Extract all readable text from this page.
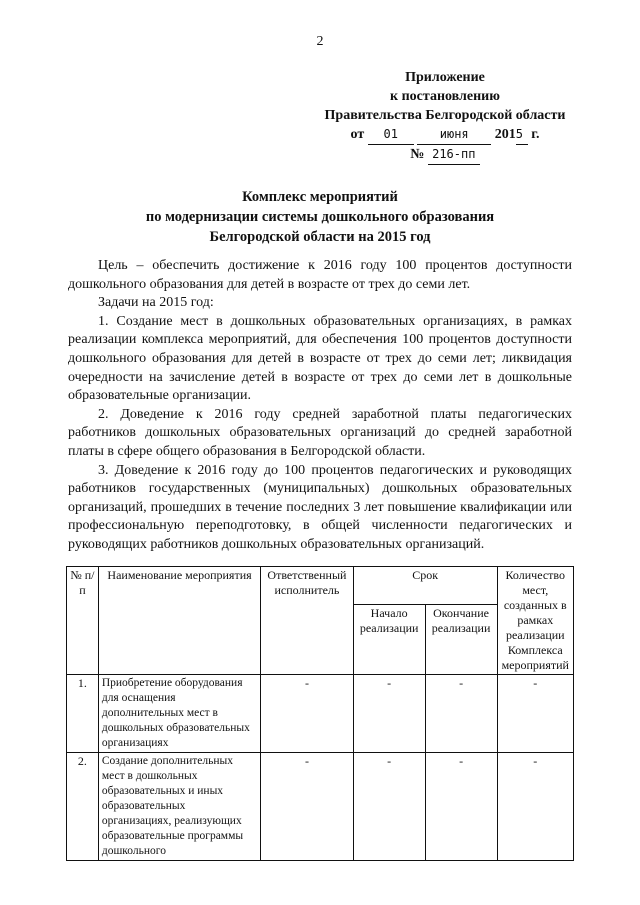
2
Приложение
к постановлению
Правительства Белгородской области
от 01	июня 2015 г.
№ 216-пп
Комплекс мероприятий
по модернизации системы дошкольного образования
Белгородской области на 2015 год

Цель – обеспечить достижение к 2016 году 100 процентов доступности дошкольного образования для детей в возрасте от трех до семи лет.

Задачи на 2015 год:

1. Создание мест в дошкольных образовательных организациях, в рамках реализации комплекса мероприятий, для обеспечения 100 процентов доступности дошкольного образования для детей в возрасте от трех до семи лет; ликвидация очередности на зачисление детей в возрасте от трех до семи лет в дошкольные образовательные организации.

2. Доведение к 2016 году средней заработной платы педагогических работников дошкольных образовательных организаций до средней заработной платы в сфере общего образования в Белгородской области.

3. Доведение к 2016 году до 100 процентов педагогических и руководящих работников государственных (муниципальных) дошкольных образовательных организаций, прошедших в течение последних 3 лет повышение квалификации или профессиональную переподготовку, в общей численности педагогических и руководящих работников дошкольных образовательных организаций.

№ п/п	Наименование мероприятия	Ответственный исполнитель	Срок		Количество мест, созданных в рамках реализации Комплекса мероприятий
			Начало реализации	Окончание реализации	
1.	Приобретение оборудования для оснащения дополнительных мест в дошкольных образовательных организациях	-	-	-	-
2.	Создание дополнительных мест в дошкольных образовательных и иных образовательных организациях, реализующих образовательные программы дошкольного	-	-	-	-
